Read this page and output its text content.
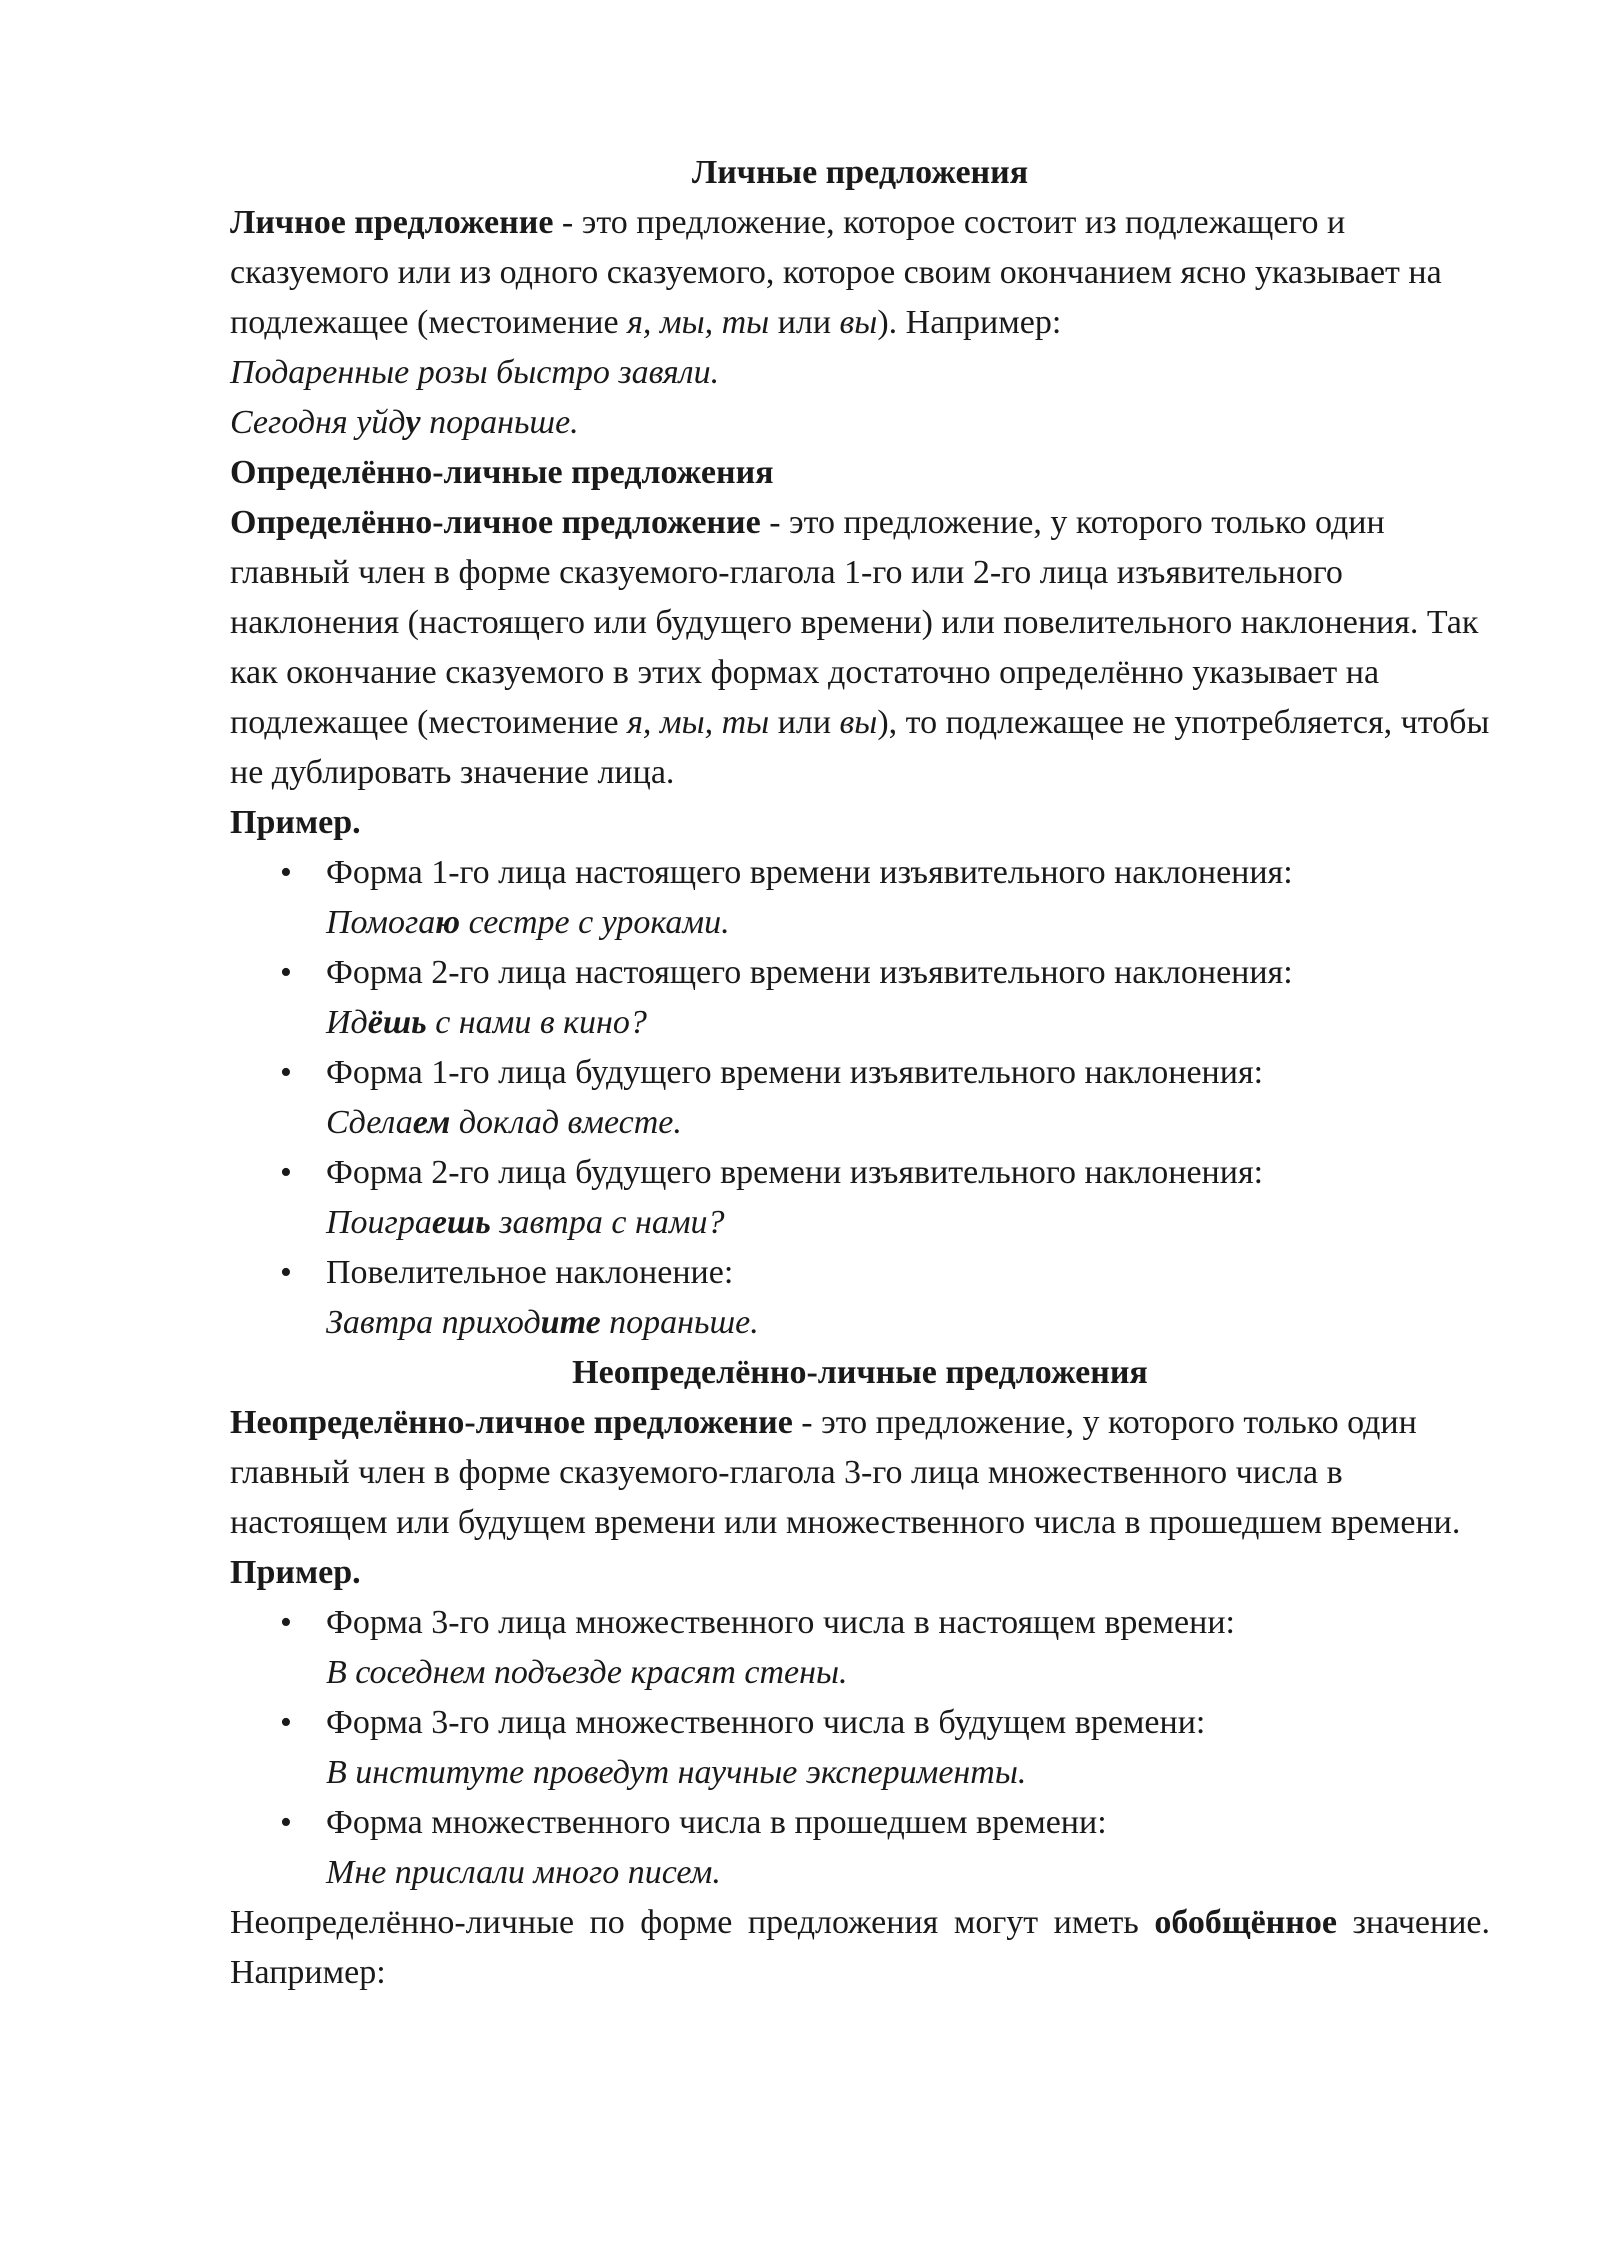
Личные предложения

Личное предложение - это предложение, которое состоит из подлежащего и сказуемого или из одного сказуемого, которое своим окончанием ясно указывает на подлежащее (местоимение я, мы, ты или вы). Например:

Подаренные розы быстро завяли.

Сегодня уйду пораньше.

Определённо-личные предложения

Определённо-личное предложение - это предложение, у которого только один главный член в форме сказуемого-глагола 1-го или 2-го лица изъявительного наклонения (настоящего или будущего времени) или повелительного наклонения. Так как окончание сказуемого в этих формах достаточно определённо указывает на подлежащее (местоимение я, мы, ты или вы), то подлежащее не употребляется, чтобы не дублировать значение лица.

Пример.

• Форма 1-го лица настоящего времени изъявительного наклонения:
Помогаю сестре с уроками.
• Форма 2-го лица настоящего времени изъявительного наклонения:
Идёшь с нами в кино?
• Форма 1-го лица будущего времени изъявительного наклонения:
Сделаем доклад вместе.
• Форма 2-го лица будущего времени изъявительного наклонения:
Поиграешь завтра с нами?
• Повелительное наклонение:
Завтра приходите пораньше.

Неопределённо-личные предложения

Неопределённо-личное предложение - это предложение, у которого только один главный член в форме сказуемого-глагола 3-го лица множественного числа в настоящем или будущем времени или множественного числа в прошедшем времени.

Пример.

• Форма 3-го лица множественного числа в настоящем времени:
В соседнем подъезде красят стены.
• Форма 3-го лица множественного числа в будущем времени:
В институте проведут научные эксперименты.
• Форма множественного числа в прошедшем времени:
Мне прислали много писем.

Неопределённо-личные по форме предложения могут иметь обобщённое значение. Например:
